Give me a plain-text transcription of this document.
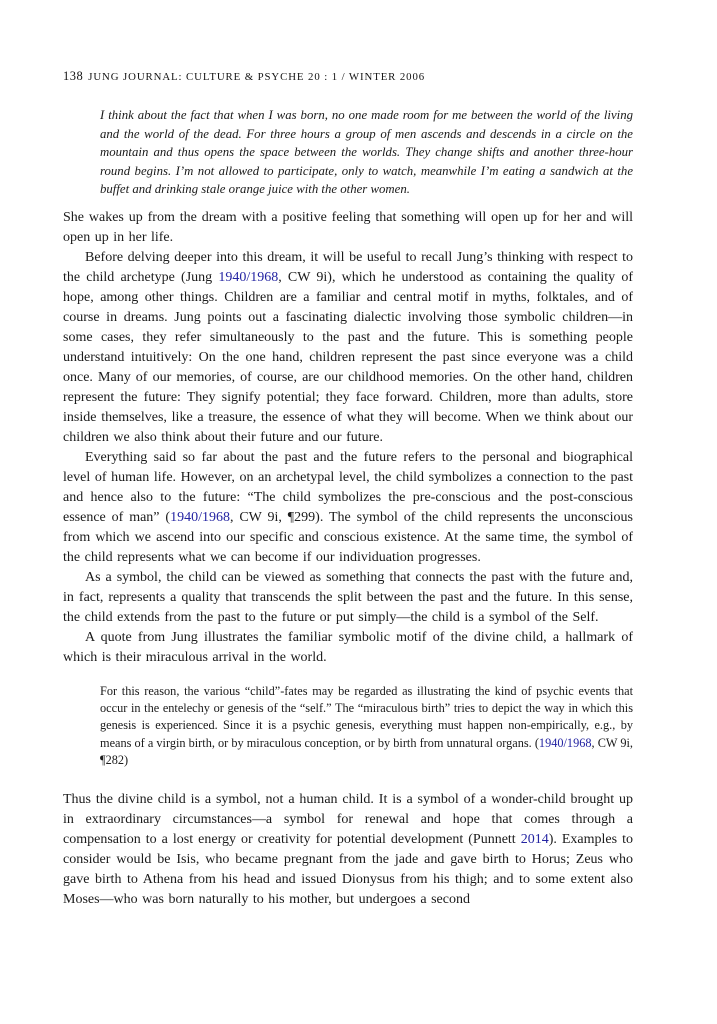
138 JUNG JOURNAL: CULTURE & PSYCHE 20 : 1 / WINTER 2006
I think about the fact that when I was born, no one made room for me between the world of the living and the world of the dead. For three hours a group of men ascends and descends in a circle on the mountain and thus opens the space between the worlds. They change shifts and another three-hour round begins. I’m not allowed to participate, only to watch, meanwhile I’m eating a sandwich at the buffet and drinking stale orange juice with the other women.

She wakes up from the dream with a positive feeling that something will open up for her and will open up in her life.

Before delving deeper into this dream, it will be useful to recall Jung’s thinking with respect to the child archetype (Jung 1940/1968, CW 9i), which he understood as containing the quality of hope, among other things. Children are a familiar and central motif in myths, folktales, and of course in dreams. Jung points out a fascinating dialectic involving those symbolic children—in some cases, they refer simultaneously to the past and the future. This is something people understand intuitively: On the one hand, children represent the past since everyone was a child once. Many of our memories, of course, are our childhood memories. On the other hand, children represent the future: They signify potential; they face forward. Children, more than adults, store inside themselves, like a treasure, the essence of what they will become. When we think about our children we also think about their future and our future.

Everything said so far about the past and the future refers to the personal and biographical level of human life. However, on an archetypal level, the child symbolizes a connection to the past and hence also to the future: “The child symbolizes the pre-conscious and the post-conscious essence of man” (1940/1968, CW 9i, ¶299). The symbol of the child represents the unconscious from which we ascend into our specific and conscious existence. At the same time, the symbol of the child represents what we can become if our individuation progresses.

As a symbol, the child can be viewed as something that connects the past with the future and, in fact, represents a quality that transcends the split between the past and the future. In this sense, the child extends from the past to the future or put simply—the child is a symbol of the Self.

A quote from Jung illustrates the familiar symbolic motif of the divine child, a hallmark of which is their miraculous arrival in the world.

For this reason, the various “child”-fates may be regarded as illustrating the kind of psychic events that occur in the entelechy or genesis of the “self.” The “miraculous birth” tries to depict the way in which this genesis is experienced. Since it is a psychic genesis, everything must happen non-empirically, e.g., by means of a virgin birth, or by miraculous conception, or by birth from unnatural organs. (1940/1968, CW 9i, ¶282)

Thus the divine child is a symbol, not a human child. It is a symbol of a wonder-child brought up in extraordinary circumstances—a symbol for renewal and hope that comes through a compensation to a lost energy or creativity for potential development (Punnett 2014). Examples to consider would be Isis, who became pregnant from the jade and gave birth to Horus; Zeus who gave birth to Athena from his head and issued Dionysus from his thigh; and to some extent also Moses—who was born naturally to his mother, but undergoes a second
